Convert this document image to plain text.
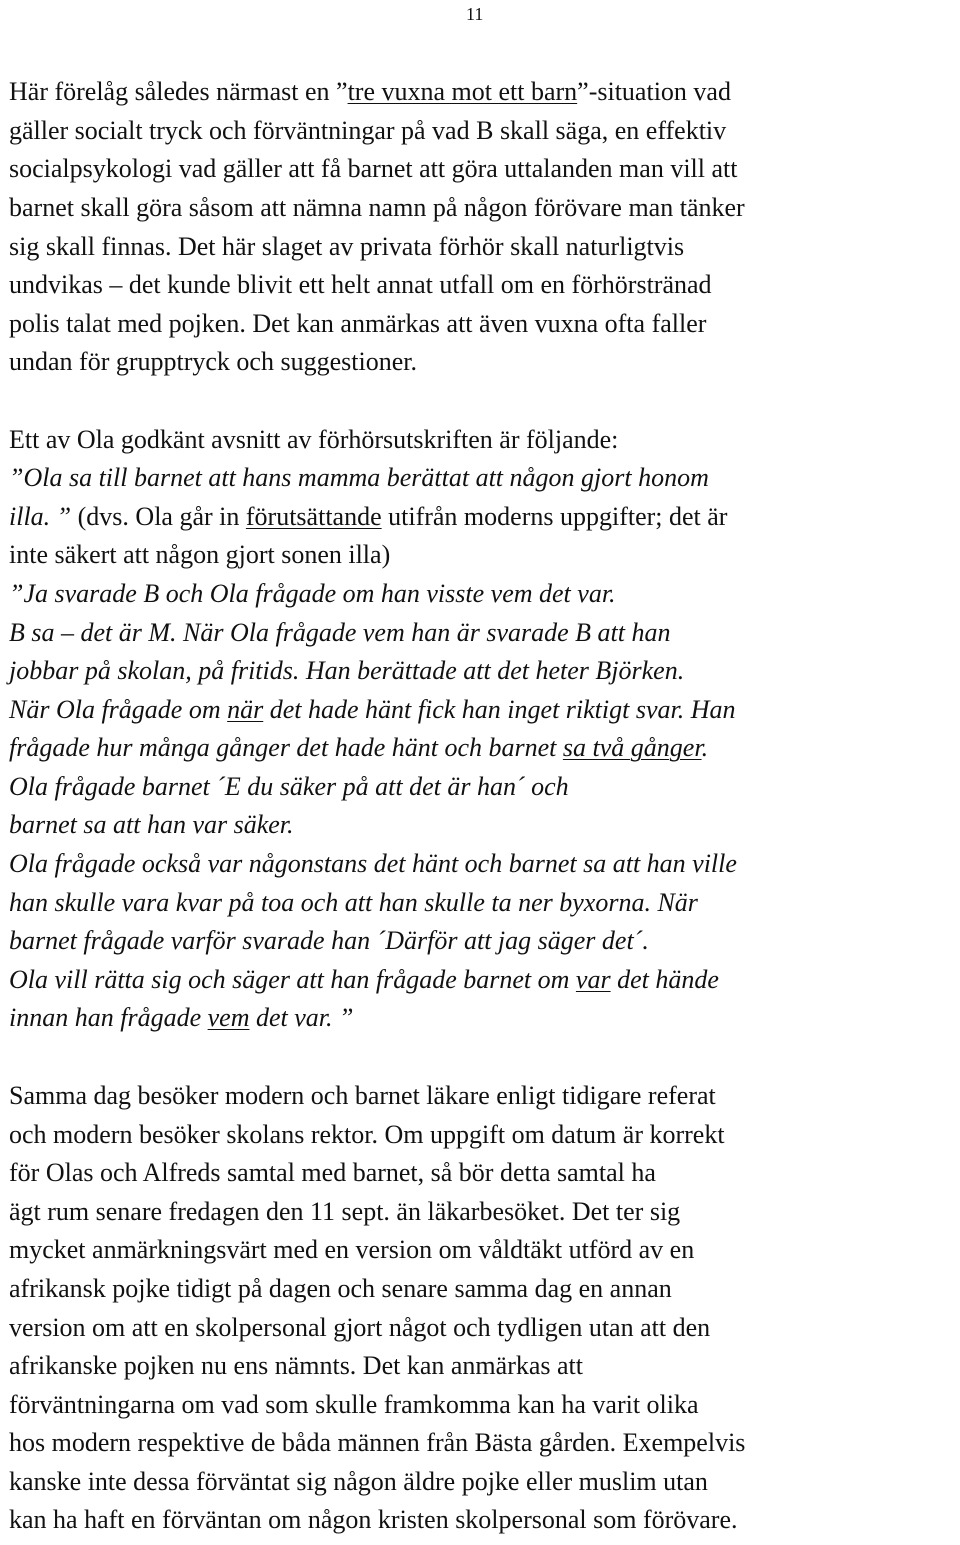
11
Här förelåg således närmast en ”tre vuxna mot ett barn”-situation vad
gäller socialt tryck och förväntningar på vad B skall säga, en effektiv
socialpsykologi vad gäller att få barnet att göra uttalanden man vill att
barnet skall göra såsom att nämna namn på någon förövare man tänker
sig skall finnas. Det här slaget av privata förhör skall naturligtvis
undvikas – det kunde blivit ett helt annat utfall om en förhörstränad
polis talat med pojken. Det kan anmärkas att även vuxna ofta faller
undan för grupptryck och suggestioner.
Ett av Ola godkänt avsnitt av förhörsutskriften är följande:
”Ola sa till barnet att hans mamma berättat att någon gjort honom
illa. ” (dvs. Ola går in förutsättande utifrån moderns uppgifter; det är
inte säkert att någon gjort sonen illa)
”Ja svarade B och Ola frågade om han visste vem det var.
B sa – det är M. När Ola frågade vem han är svarade B att han
jobbar på skolan, på fritids. Han berättade att det heter Björken.
När Ola frågade om när det hade hänt fick han inget riktigt svar. Han
frågade hur många gånger det hade hänt och barnet sa två gånger.
Ola frågade barnet ´E du säker på att det är han´ och
barnet sa att han var säker.
Ola frågade också var någonstans det hänt och barnet sa att han ville
han skulle vara kvar på toa och att han skulle ta ner byxorna. När
barnet frågade varför svarade han ´Därför att jag säger det´.
Ola vill rätta sig och säger att han frågade barnet om var det hände
innan han frågade vem det var. ”
Samma dag besöker modern och barnet läkare enligt tidigare referat
och modern besöker skolans rektor. Om uppgift om datum är korrekt
för Olas och Alfreds samtal med barnet, så bör detta samtal ha
ägt rum senare fredagen den 11 sept. än läkarbesöket. Det ter sig
mycket anmärkningsvärt med en version om våldtäkt utförd av en
afrikansk pojke tidigt på dagen och senare samma dag en annan
version om att en skolpersonal gjort något och tydligen utan att den
afrikanske pojken nu ens nämnts. Det kan anmärkas att
förväntningarna om vad som skulle framkomma kan ha varit olika
hos modern respektive de båda männen från Bästa gården. Exempelvis
kanske inte dessa förväntat sig någon äldre pojke eller muslim utan
kan ha haft en förväntan om någon kristen skolpersonal som förövare.
